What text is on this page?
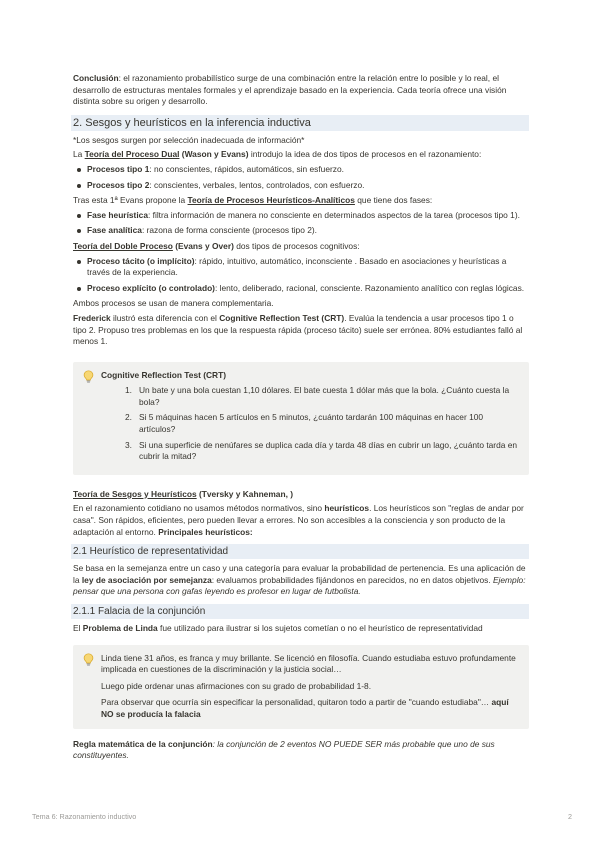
Conclusión: el razonamiento probabilístico surge de una combinación entre la relación entre lo posible y lo real, el desarrollo de estructuras mentales formales y el aprendizaje basado en la experiencia. Cada teoría ofrece una visión distinta sobre su origen y desarrollo.

2. Sesgos y heurísticos en la inferencia inductiva

*Los sesgos surgen por selección inadecuada de información*

La Teoría del Proceso Dual (Wason y Evans) introdujo la idea de dos tipos de procesos en el razonamiento:

Procesos tipo 1: no conscientes, rápidos, automáticos, sin esfuerzo.
Procesos tipo 2: conscientes, verbales, lentos, controlados, con esfuerzo.

Tras esta 1ª Evans propone la Teoría de Procesos Heurísticos-Analíticos que tiene dos fases:

Fase heurística: filtra información de manera no consciente en determinados aspectos de la tarea (procesos tipo 1).
Fase analítica: razona de forma consciente (procesos tipo 2).

Teoría del Doble Proceso (Evans y Over) dos tipos de procesos cognitivos:

Proceso tácito (o implícito): rápido, intuitivo, automático, inconsciente . Basado en asociaciones y heurísticas a través de la experiencia.
Proceso explícito (o controlado): lento, deliberado, racional, consciente. Razonamiento analítico con reglas lógicas.

Ambos procesos se usan de manera complementaria.

Frederick ilustró esta diferencia con el Cognitive Reflection Test (CRT). Evalúa la tendencia a usar procesos tipo 1 o tipo 2. Propuso tres problemas en los que la respuesta rápida (proceso tácito) suele ser errónea. 80% estudiantes falló al menos 1.

Cognitive Reflection Test (CRT)
1. Un bate y una bola cuestan 1,10 dólares. El bate cuesta 1 dólar más que la bola. ¿Cuánto cuesta la bola?
2. Si 5 máquinas hacen 5 artículos en 5 minutos, ¿cuánto tardarán 100 máquinas en hacer 100 artículos?
3. Si una superficie de nenúfares se duplica cada día y tarda 48 días en cubrir un lago, ¿cuánto tarda en cubrir la mitad?

Teoría de Sesgos y Heurísticos (Tversky y Kahneman, )

En el razonamiento cotidiano no usamos métodos normativos, sino heurísticos. Los heurísticos son "reglas de andar por casa". Son rápidos, eficientes, pero pueden llevar a errores. No son accesibles a la consciencia y son producto de la adaptación al entorno. Principales heurísticos:

2.1 Heurístico de representatividad

Se basa en la semejanza entre un caso y una categoría para evaluar la probabilidad de pertenencia. Es una aplicación de la ley de asociación por semejanza: evaluamos probabilidades fijándonos en parecidos, no en datos objetivos. Ejemplo: pensar que una persona con gafas leyendo es profesor en lugar de futbolista.

2.1.1 Falacia de la conjunción

El Problema de Linda fue utilizado para ilustrar si los sujetos cometían o no el heurístico de representatividad

Linda tiene 31 años, es franca y muy brillante. Se licenció en filosofía. Cuando estudiaba estuvo profundamente implicada en cuestiones de la discriminación y la justicia social…

Luego pide ordenar unas afirmaciones con su grado de probabilidad 1-8.

Para observar que ocurría sin especificar la personalidad, quitaron todo a partir de "cuando estudiaba"… aquí NO se producía la falacia

Regla matemática de la conjunción: la conjunción de 2 eventos NO PUEDE SER más probable que uno de sus constituyentes.

Tema 6: Razonamiento inductivo	2
